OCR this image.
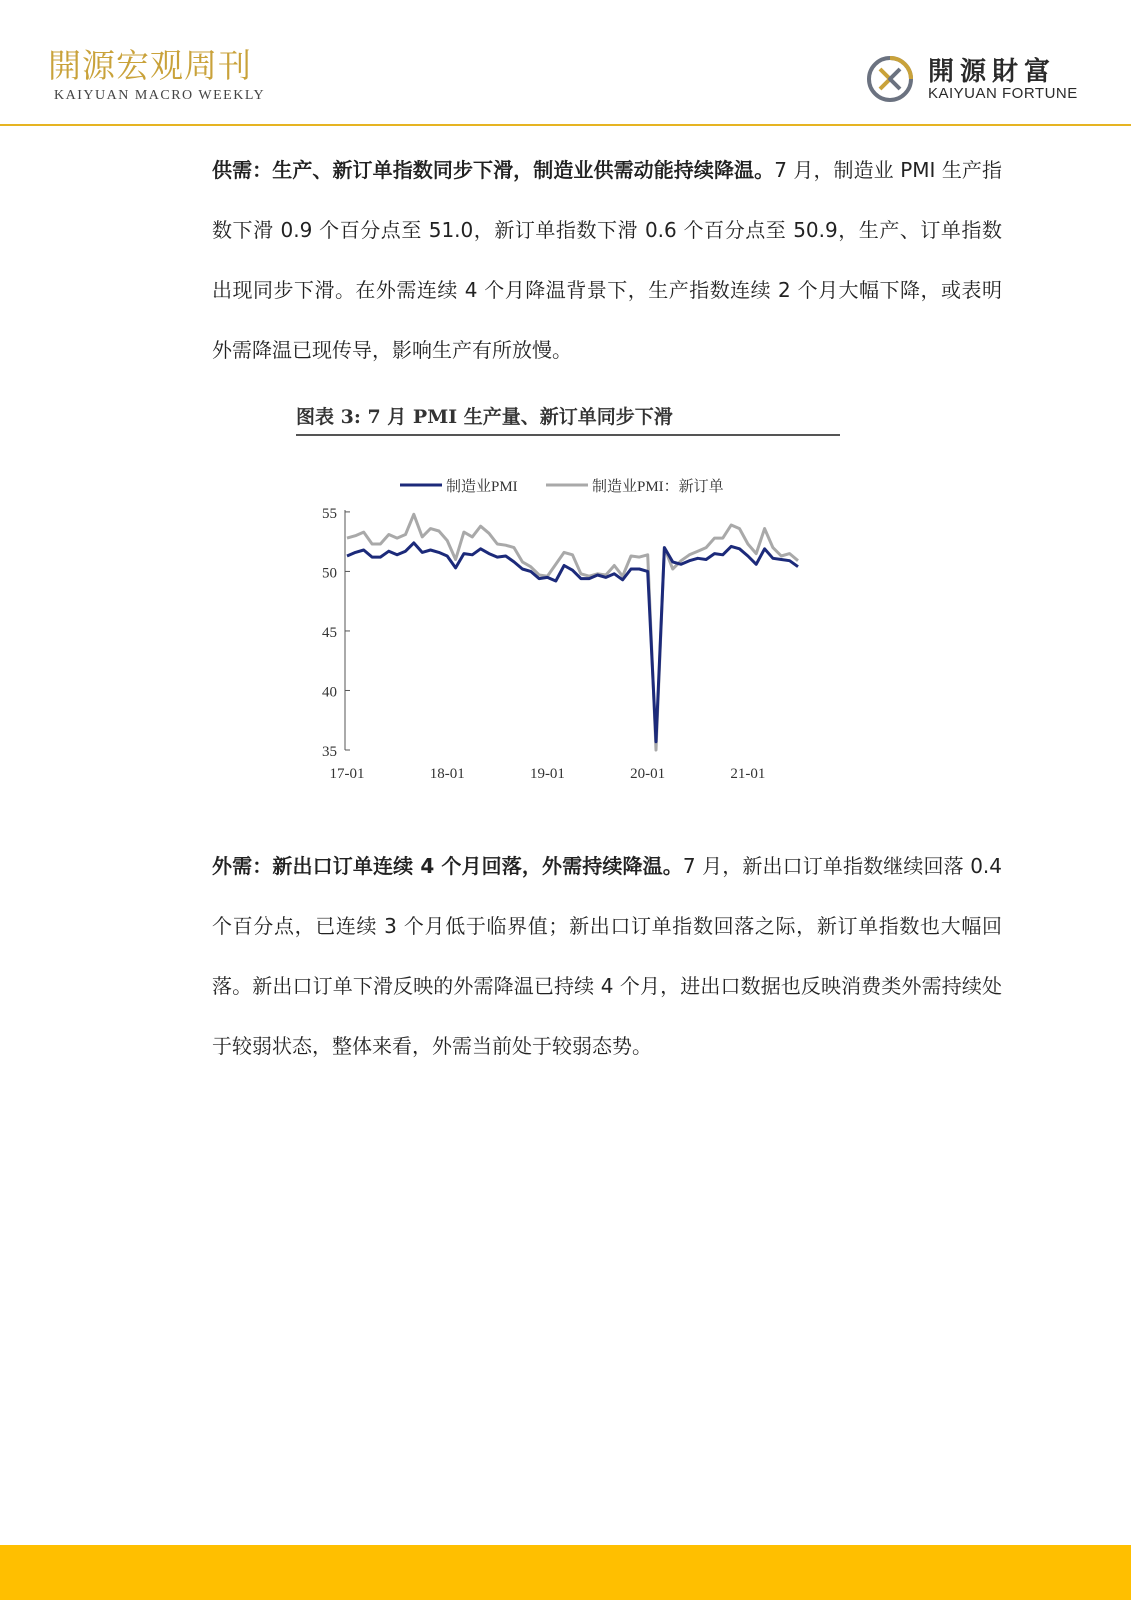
開源宏观周刊
KAIYUAN MACRO WEEKLY
開源財富
KAIYUAN FORTUNE

供需：生产、新订单指数同步下滑，制造业供需动能持续降温。7 月，制造业 PMI 生产指数下滑 0.9 个百分点至 51.0，新订单指数下滑 0.6 个百分点至 50.9，生产、订单指数出现同步下滑。在外需连续 4 个月降温背景下，生产指数连续 2 个月大幅下降，或表明外需降温已现传导，影响生产有所放慢。

图表 3: 7 月 PMI 生产量、新订单同步下滑
制造业PMI	制造业PMI：新订单
55
50
45
40
35
17-01	18-01	19-01	20-01	21-01

外需：新出口订单连续 4 个月回落，外需持续降温。7 月，新出口订单指数继续回落 0.4 个百分点，已连续 3 个月低于临界值；新出口订单指数回落之际，新订单指数也大幅回落。新出口订单下滑反映的外需降温已持续 4 个月，进出口数据也反映消费类外需持续处于较弱状态，整体来看，外需当前处于较弱态势。
